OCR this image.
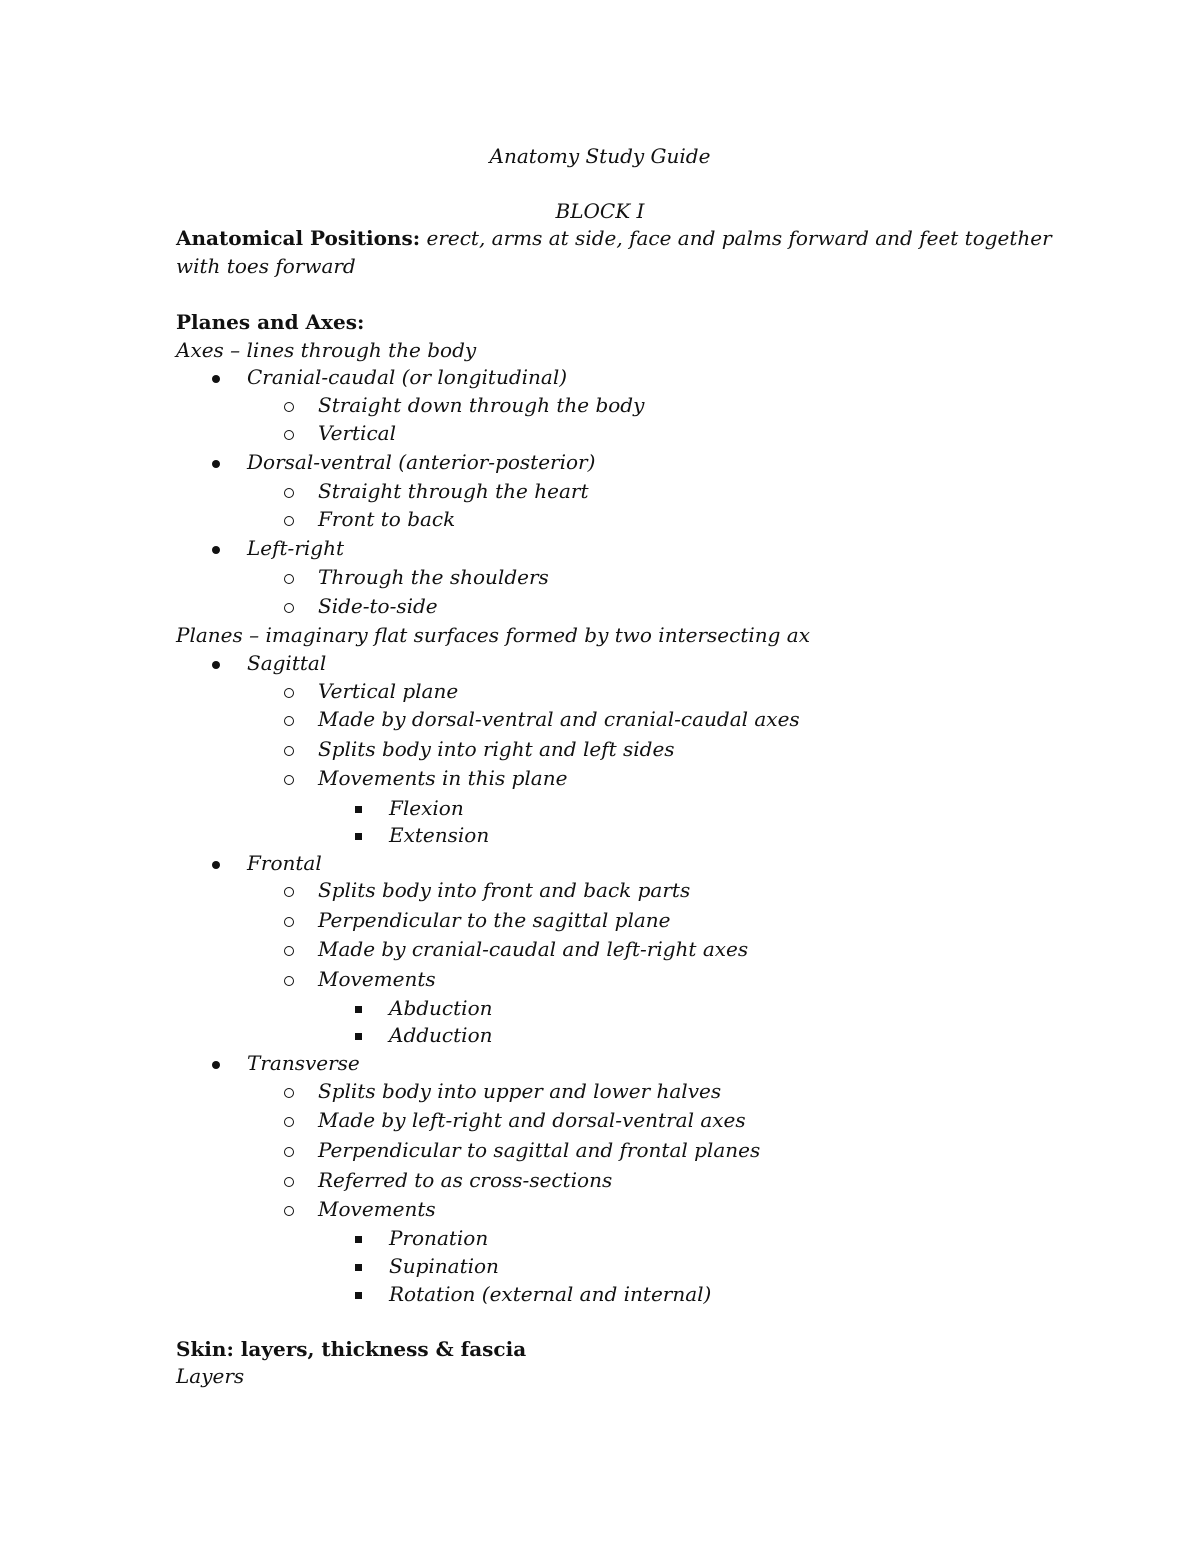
Anatomy Study Guide
BLOCK I
Anatomical Positions: erect, arms at side, face and palms forward and feet together
with toes forward
Planes and Axes:
Axes – lines through the body
Cranial-caudal (or longitudinal)
Straight down through the body
Vertical
Dorsal-ventral (anterior-posterior)
Straight through the heart
Front to back
Left-right
Through the shoulders
Side-to-side
Planes – imaginary flat surfaces formed by two intersecting ax
Sagittal
Vertical plane
Made by dorsal-ventral and cranial-caudal axes
Splits body into right and left sides
Movements in this plane
Flexion
Extension
Frontal
Splits body into front and back parts
Perpendicular to the sagittal plane
Made by cranial-caudal and left-right axes
Movements
Abduction
Adduction
Transverse
Splits body into upper and lower halves
Made by left-right and dorsal-ventral axes
Perpendicular to sagittal and frontal planes
Referred to as cross-sections
Movements
Pronation
Supination
Rotation (external and internal)
Skin: layers, thickness & fascia
Layers
